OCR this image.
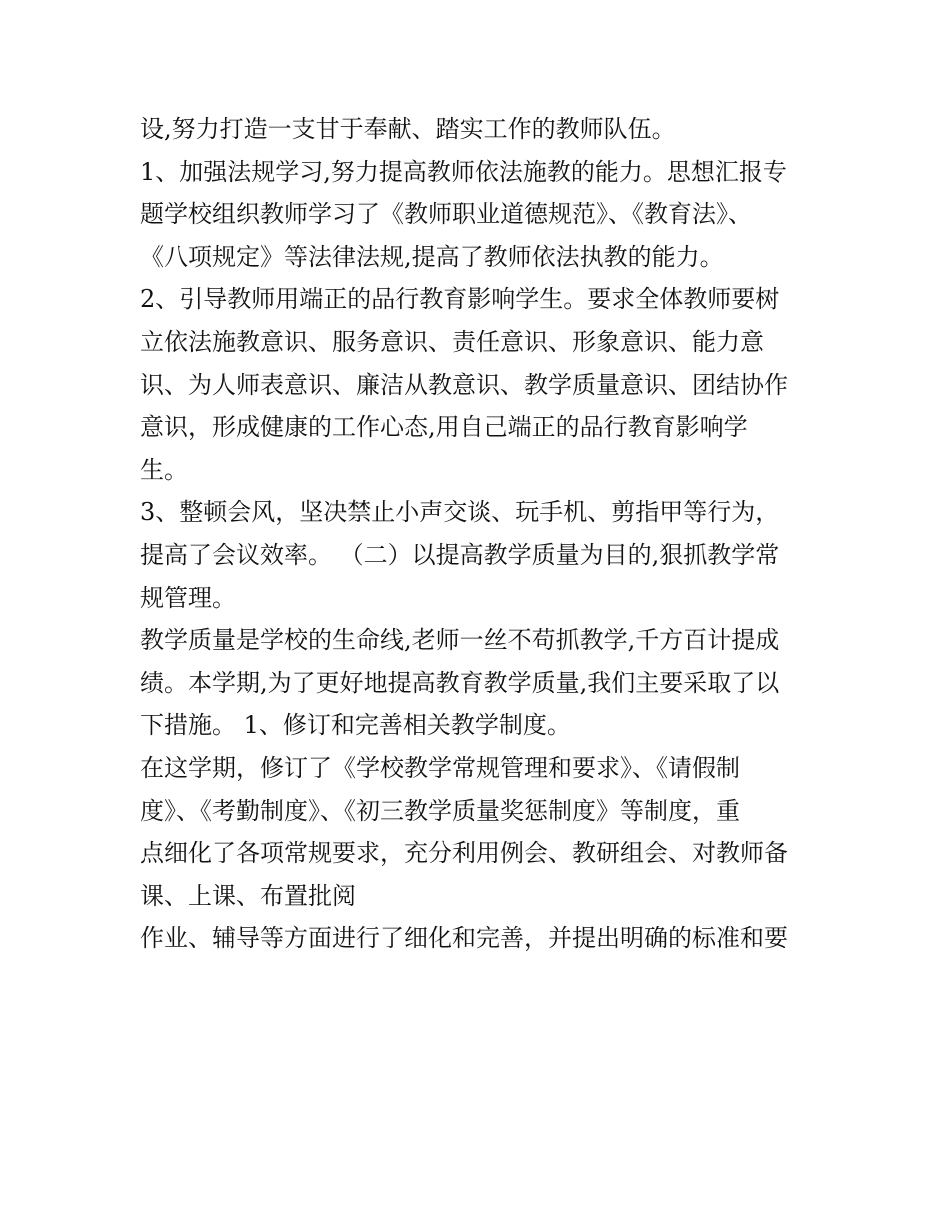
设,努力打造一支甘于奉献、踏实工作的教师队伍。
1、加强法规学习,努力提高教师依法施教的能力。思想汇报专
题学校组织教师学习了《教师职业道德规范》、《教育法》、
《八项规定》等法律法规,提高了教师依法执教的能力。
2、引导教师用端正的品行教育影响学生。要求全体教师要树
立依法施教意识、服务意识、责任意识、形象意识、能力意
识、为人师表意识、廉洁从教意识、教学质量意识、团结协作
意识，形成健康的工作心态,用自己端正的品行教育影响学
生。
3、整顿会风，坚决禁止小声交谈、玩手机、剪指甲等行为，
提高了会议效率。 （二）以提高教学质量为目的,狠抓教学常
规管理。
教学质量是学校的生命线,老师一丝不苟抓教学,千方百计提成
绩。本学期,为了更好地提高教育教学质量,我们主要采取了以
下措施。 1、修订和完善相关教学制度。
在这学期，修订了《学校教学常规管理和要求》、《请假制
度》、《考勤制度》、《初三教学质量奖惩制度》等制度，重
点细化了各项常规要求，充分利用例会、教研组会、对教师备
课、上课、布置批阅
作业、辅导等方面进行了细化和完善，并提出明确的标准和要
